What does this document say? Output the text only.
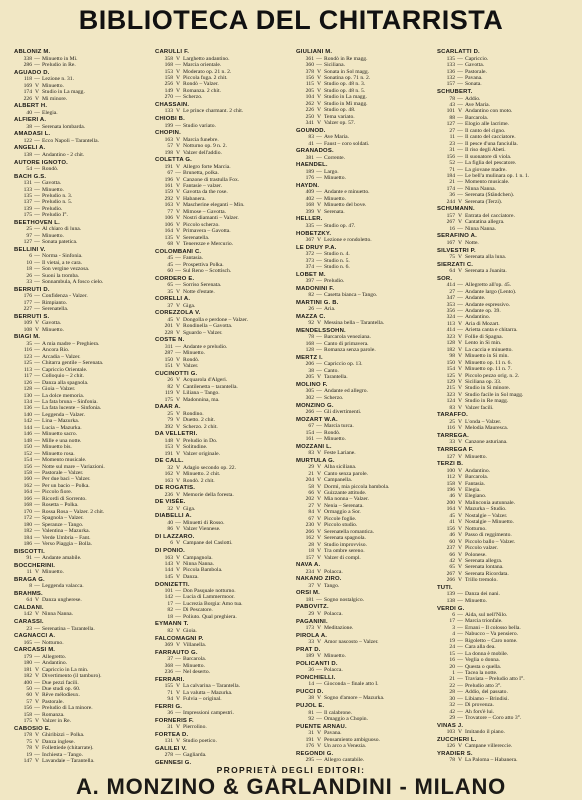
BIBLIOTECA DEL CHITARRISTA
ABLONIZ M.
338 — Minuetto in Mi.
286 — Preludio in Re.
AGUADO D.
118 — Lezione n. 31.
169 V Minuetto.
174 V Studio in La magg.
226 V Mi minore.
ALBERT H.
40 — Elegia.
ALFIERI A.
38 — Serenata lombarda.
AMADASI L.
122 — Ecco Napoli – Tarantella.
ANGELI A.
138 — Andantino - 2 chit.
AUTORE IGNOTO.
54 — Rondò.
BACH G.S.
131 — Gavotta.
133 — Minuetto.
135 — Preludio n. 3.
137 — Preludio n. 5.
139 — Preludio.
175 — Preludio I°.
BEETHOVEN L.
25 — Al chiaro di luna.
97 — Minuetto.
127 — Sonata patetica.
BELLINI V.
6 — Norma - Sinfonia.
10 — Il vietai, a te cara.
18 — Son vergine vezzosa.
26 — Suoni la tromba.
33 — Sonnambula, A fosco cielo.
BERRUTI D.
176 — Confidenza - Valzer.
177 — Rimpianto.
227 — Serenatella.
BERRUTI S.
109 V Gavotta.
108 V Minuetto.
BIAGI M.
35 — A mia madre – Preghiera.
116 — Ancora Rio.
123 — Arcadia – Valzer.
125 — Chitarra gentile – Serenata.
113 — Capriccio Orientale.
117 — Colloquio – 2 chit.
126 — Danza alla spagnola.
128 — Gioia – Valzer.
130 — La dolce memoria.
134 — La fata bruna – Sinfonia.
136 — La fata lucente – Sinfonia.
140 — Leggenda – Valzer.
142 — Lina – Mazurka.
144 — Lucia – Mazurka.
146 — Minuetto sacro.
148 — Mille e una notte.
150 — Minuetto bis.
152 — Minuetto rosa.
154 — Momento musicale.
156 — Notte sul mare – Variazioni.
158 — Pastorale – Valzer.
160 — Per due baci – Valzer.
162 — Per un bacio – Polka.
164 — Piccolo fiore.
166 — Ricordi di Sorrento.
168 — Rosetta – Polka.
170 — Rossa Rosa – Valzer. 2 chit.
172 — Spagnola – Valzer.
180 — Speranze – Tango.
182 — Valentina – Mazurka.
184 — Verde Umbria – Fant.
186 — Verso Piaggia – Bolla.
BISCOTTI.
91 — Andante amabile.
BOCCHERINI.
11 V Minuetto.
BRAGA G.
8 — Leggenda valacca.
BRAHMS.
64 V Danza ungherese.
CALDANI.
142 V Ninna Nanna.
CARASSI.
23 — Serenatina – Tarantella.
CAGNACCI A.
165 — Notturno.
CARCASSI M.
179 — Allegretto.
180 — Andantino.
181 V Capriccio in La min.
182 V Divertimento (il tamburo).
400 — Due pezzi facili.
50 — Due studi op. 60.
60 V Rêve mélodieux.
57 V Pastorale.
156 — Preludio di La minore.
158 — Romanza.
175 V Valzer in Re.
CABOSIO E.
178 V Ghiribizzi – Polka.
75 V Danza inglese.
78 V Follettiede (chitarrate).
19 — Inchiesta – Tango.
147 V Lavandaie – Tarantella.
CARULLI F.
358 V Larghetto andantino.
168 — Marcia orientale.
153 V Moderato op. 21 n. 2.
158 V Piccola fuga. 2 chit.
256 V Rondò – Valzer.
149 V Romanza. 2 chit.
270 — Scherzo.
CHASSAIN.
133 V Le prince charmant. 2 chit.
CHIOBI B.
199 — Studio variato.
CHOPIN.
163 V Marcia funebre.
57 V Notturno op. 9 n. 2.
198 V Valzer dell'addio.
COLETTA G.
191 V Allegro forte Marcia.
67 — Brunetta, polka.
196 V Canzone di trastulla Fox.
161 V Fantasie – valzer.
159 V Gavotta da the rose.
292 V Habanera.
163 V Mascherine eleganti – Min.
77 V Mimose – Gavotta.
106 V Nostri diamanti – Valzer.
106 V Piccolo scherzo.
164 V Primavera – Gavotta.
135 V Serenatella.
68 V Tenerezze e Mercurio.
COLOMBANI C.
45 — Fantasia.
45 — Prospettiva Polka.
60 — Sul Reno – Scottisch.
CORDERO E.
65 — Sorriso Serenata.
35 V Notte d'estate.
CORELLI A.
37 V Giga.
COREZZOLA V.
45 V Dongolla e perdone – Valzer.
201 V Rondinella – Gavotta.
228 V Sguardo – Valzer.
COSTE N.
311 — Andante e preludio.
287 — Minuetto.
150 V Rondò.
151 V Valzer.
CUCINOTTI G.
26 V Acquarola d'Algeri.
82 V Cantilenetta – tarantella.
119 V Liliana – Tango.
175 V Madonnina, ma.
DAAR A.
25 V Rondino.
79 V Duetto. 2 chit.
392 V Scherzo. 2 chit.
DA VELLETRI.
148 V Preludio in Do.
153 V Solitudine.
191 V Valzer originale.
DE CALL.
32 V Adagio secondo op. 22.
162 V Minuetto. 2 chit.
163 V Rondò. 2 chit.
DE ROGATIS.
236 V Memorie della foresta.
DE VISÉE.
32 V Giga.
DIABELLI A.
40 — Minuetti di Rosso.
86 V Valzer Viennese.
DI LAZZARO.
6 V Campane del Caslotti.
DI PONIO.
163 V Campagnola.
143 V Ninna Nanna.
144 V Piccola Bambola.
145 V Danza.
DONIZETTI.
101 — Don Pasquale notturno.
142 — Lucia di Lammermoor.
17 — Lucrezia Borgia: Amo tua.
82 — Di Pescatore.
18 — Poliuto. Qual preghiera.
EYMANN T.
82 V Gioia.
FALCOMAGNI P.
369 V Villanella.
FARRAUTO G.
37 — Barcarola.
368 — Minuetto.
236 — Nel deserto.
FERRARI.
155 V La calvarina – Tarantella.
71 V La valutta – Mazurka.
94 V Fulvia – original.
FERRI G.
36 — Impressioni campestri.
FORNERIS F.
31 V Pierrolino.
FORTEA D.
131 V Studio poetico.
GALILEI V.
278 — Gagliarda.
GENNESI G.
GIULIANI M.
361 — Rondò in Re magg.
360 — Siciliana.
378 V Sonata in Sol magg.
156 V Sonatina op. 71 n. 2.
115 V Studio op. 48 n. 3.
205 V Studio op. 48 n. 5.
104 V Studio in La magg.
262 V Studio in Mi magg.
226 V Studio op. 48.
250 V Tema variato.
341 V Valzer op. 57.
GOUNOD.
83 — Ave Maria.
41 — Faust – coro soldati.
GRANADOS.
381 — Corrente.
HAENDEL.
189 — Largo.
176 — Minuetto.
HAYDN.
409 — Andante e minuetto.
402 — Minuetto.
168 V Minuetto del bove.
399 V Serenata.
HELLER.
335 — Studio op. 47.
HOBETZKY.
367 V Lezione e rondoletto.
LE DRUY P.A.
372 — Studio n. 4.
373 — Studio n. 5.
374 — Studio n. 6.
LOBET M.
397 — Preludio.
MADONINI F.
82 — Casetta bianca – Tango.
MARTINI G. B.
26 — Aria.
MAZZA C.
92 V Messina bella – Tarantella.
MENDELSSOHN.
78 — Barcarola veneziana.
168 — Canto di primavera.
128 — Romanza senza parole.
MERTZ I.
206 — Capriccio op. 13.
38 — Canto.
205 V Tarantella.
MOLINO F.
305 — Andante ed allegro.
302 — Scherzo.
MONZINO G.
266 — Gli divertimenti.
MOZART W.A.
67 — Marcia turca.
154 — Rondò.
161 — Minuetto.
MOZZANI L.
83 V Feste Lariane.
MURTULA G.
29 V Alba siciliana.
21 V Canto senza parole.
204 V Campanella.
58 V Dormi, mia piccola bambola.
66 V Guizzante attitude.
202 V Mia nonna – Valzer.
27 V Nenia – Serenata.
84 V Ormaggio a Sor.
67 V Piccole foglie.
230 V Piccolo studio.
266 V Serenatella romantica.
162 V Serenata spagnola.
28 V Studio improvviso.
18 V Tra ombre sereno.
157 V Valzer di compl.
NAVA A.
234 V Polacca.
NAKANO ZIRO.
37 V Tango.
ORSI M.
181 — Sogno nostalgico.
PABOVITZ.
29 V Polacca.
PAGANINI.
173 V Meditazione.
PIROLA A.
33 V Amor nascosto – Valzer.
PRAT D.
189 V Minuetto.
POLICANTI D.
36 — Polacca.
PONCHIELLI.
14 — Gioconda – finale atto I.
PUCCI D.
38 V Sogno d'amore – Mazurka.
PUJOL E.
81 — Il calabrone.
92 — Omaggio a Chopin.
PUENTE ARNAU.
31 V Pavana.
191 V Pensamiento ambiguoso.
176 V Un arco a Venezia.
REGONDI G.
295 — Allegro cantabile.
SCARLATTI D.
135 — Capriccio.
133 — Gavotta.
136 — Pastorale.
132 — Pavana.
157 — Sonata.
SCHUBERT.
78 — Addio.
43 — Ave Maria.
101 V Andantino con moto.
88 — Barcarola.
127 — Elogio alle lacrime.
27 — Il canto del cigno.
11 — Il canto del cacciatore.
23 — Il pesce d'una fanciulla.
31 — Il riso degli Abeti.
156 — Il suonatore di viola.
52 — La figlia del pescatore.
71 — La giovane madre.
184 — Le bell'a mulinara op. 1 n. 1.
21 — Momento musicale.
174 — Ninna Nanna.
36 — Serenata (Ständchen).
244 V Serenata (Terzi).
SCHUMANN.
157 V Entrata del cacciatore.
267 V Cantatina allegra.
16 — Ninna Nanna.
SERAFINO A.
167 V Notte.
SILVESTRI P.
75 V Serenata alla luna.
SIERZATI C.
64 V Serenata a Juanita.
SOR.
414 — Allegretto all'op. 45.
27 — Andante largo (Lento).
347 — Andante.
353 — Andante espressivo.
356 — Andante op. 39.
324 — Andantino.
113 V Aria di Mozart.
414 — Arietta canta e chitarra.
323 V Follie di Spagna.
128 V Lento in Si min.
182 V La caccia e minuetto.
98 V Minuetto in Si min.
150 V Minuetto op. 11 n. 6.
154 V Minuetto op. 11 n. 7.
125 V Piccolo pezzo orig. n. 2.
129 V Siciliana op. 33.
215 V Studio in Si minore.
323 V Studio facile in Sol magg.
124 V Studio in Re magg.
83 V Valzer facili.
TARAFFO.
25 V L'onda – Valzer.
116 V Melodia Mauresca.
TARREGA.
33 V Canzone asturiana.
TARREGA F.
127 V Minuetto.
TERZI B.
100 V Andantino.
112 V Barcarola.
158 V Fantasia.
196 V Elegia.
46 V Elegiano.
200 V Malinconia autunnale.
164 V Mazurka – Studio.
45 V Nostalgie – Valzer.
41 V Nostalgie – Minuetto.
156 V Notturno.
46 V Passo di reggimento.
60 V Piccolo ballo – Valzer.
237 V Piccolo valzer.
66 V Polonese.
42 V Serenata allegra.
65 V Serenata lontana.
267 V Serenata Ricordata.
266 V Trillo tremolo.
TUTI.
139 — Danza dei nani.
138 — Minuetto.
VERDI G.
6 — Aida, sul nell'Nilo.
17 — Marcia trionfale.
3 — Ernani – Il colosso bella.
4 — Nabucco – Va pensiero.
19 — Rigoletto – Caro nome.
24 — Cara alla dea.
15 — La donna è mobile.
16 — Veglia o donna.
20 — Questa o quella.
1 — Tacea la notte.
21 — Traviata – Preludio atto I°.
22 — Preludio atto 3°.
28 — Addio, del passato.
30 — Libiamo – Brindisi.
32 — Di provenza.
42 — Ah fors'è lui.
29 — Trovatore – Coro atto 3°.
VINAS J.
103 V Imitando il piano.
ZUCCHERI L.
126 V Campane villereccie.
YRADIER S.
78 V La Paloma – Habanera.
PROPRIETÀ DEGLI EDITORI:
A. MONZINO & GARLANDINI - MILANO
